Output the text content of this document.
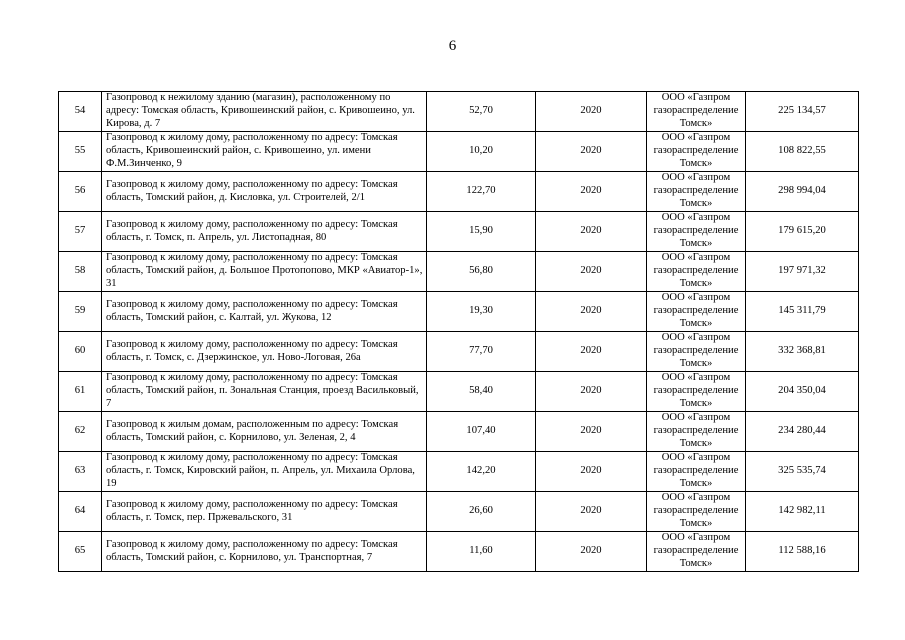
6
54	Газопровод к нежилому зданию (магазин), расположенному по адресу: Томская область, Кривошеинский район, с. Кривошеино, ул. Кирова, д. 7	52,70	2020	ООО «Газпром газораспределение Томск»	225 134,57
55	Газопровод к жилому дому, расположенному по адресу: Томская область, Кривошеинский район, с. Кривошеино, ул. имени Ф.М.Зинченко, 9	10,20	2020	ООО «Газпром газораспределение Томск»	108 822,55
56	Газопровод к жилому дому, расположенному по адресу: Томская область, Томский район, д. Кисловка, ул. Строителей, 2/1	122,70	2020	ООО «Газпром газораспределение Томск»	298 994,04
57	Газопровод к жилому дому, расположенному по адресу: Томская область, г. Томск, п. Апрель, ул. Листопадная, 80	15,90	2020	ООО «Газпром газораспределение Томск»	179 615,20
58	Газопровод к жилому дому, расположенному по адресу: Томская область, Томский район, д. Большое Протопопово, МКР «Авиатор-1», 31	56,80	2020	ООО «Газпром газораспределение Томск»	197 971,32
59	Газопровод к жилому дому, расположенному по адресу: Томская область, Томский район, с. Калтай, ул. Жукова, 12	19,30	2020	ООО «Газпром газораспределение Томск»	145 311,79
60	Газопровод к жилому дому, расположенному по адресу: Томская область, г. Томск, с. Дзержинское, ул. Ново-Логовая, 26а	77,70	2020	ООО «Газпром газораспределение Томск»	332 368,81
61	Газопровод к жилому дому, расположенному по адресу: Томская область, Томский район, п. Зональная Станция, проезд Васильковый, 7	58,40	2020	ООО «Газпром газораспределение Томск»	204 350,04
62	Газопровод к жилым домам, расположенным по адресу: Томская область, Томский район, с. Корнилово, ул. Зеленая, 2, 4	107,40	2020	ООО «Газпром газораспределение Томск»	234 280,44
63	Газопровод к жилому дому, расположенному по адресу: Томская область, г. Томск, Кировский район, п. Апрель, ул. Михаила Орлова, 19	142,20	2020	ООО «Газпром газораспределение Томск»	325 535,74
64	Газопровод к жилому дому, расположенному по адресу: Томская область, г. Томск, пер. Пржевальского, 31	26,60	2020	ООО «Газпром газораспределение Томск»	142 982,11
65	Газопровод к жилому дому, расположенному по адресу: Томская область, Томский район, с. Корнилово, ул. Транспортная, 7	11,60	2020	ООО «Газпром газораспределение Томск»	112 588,16
